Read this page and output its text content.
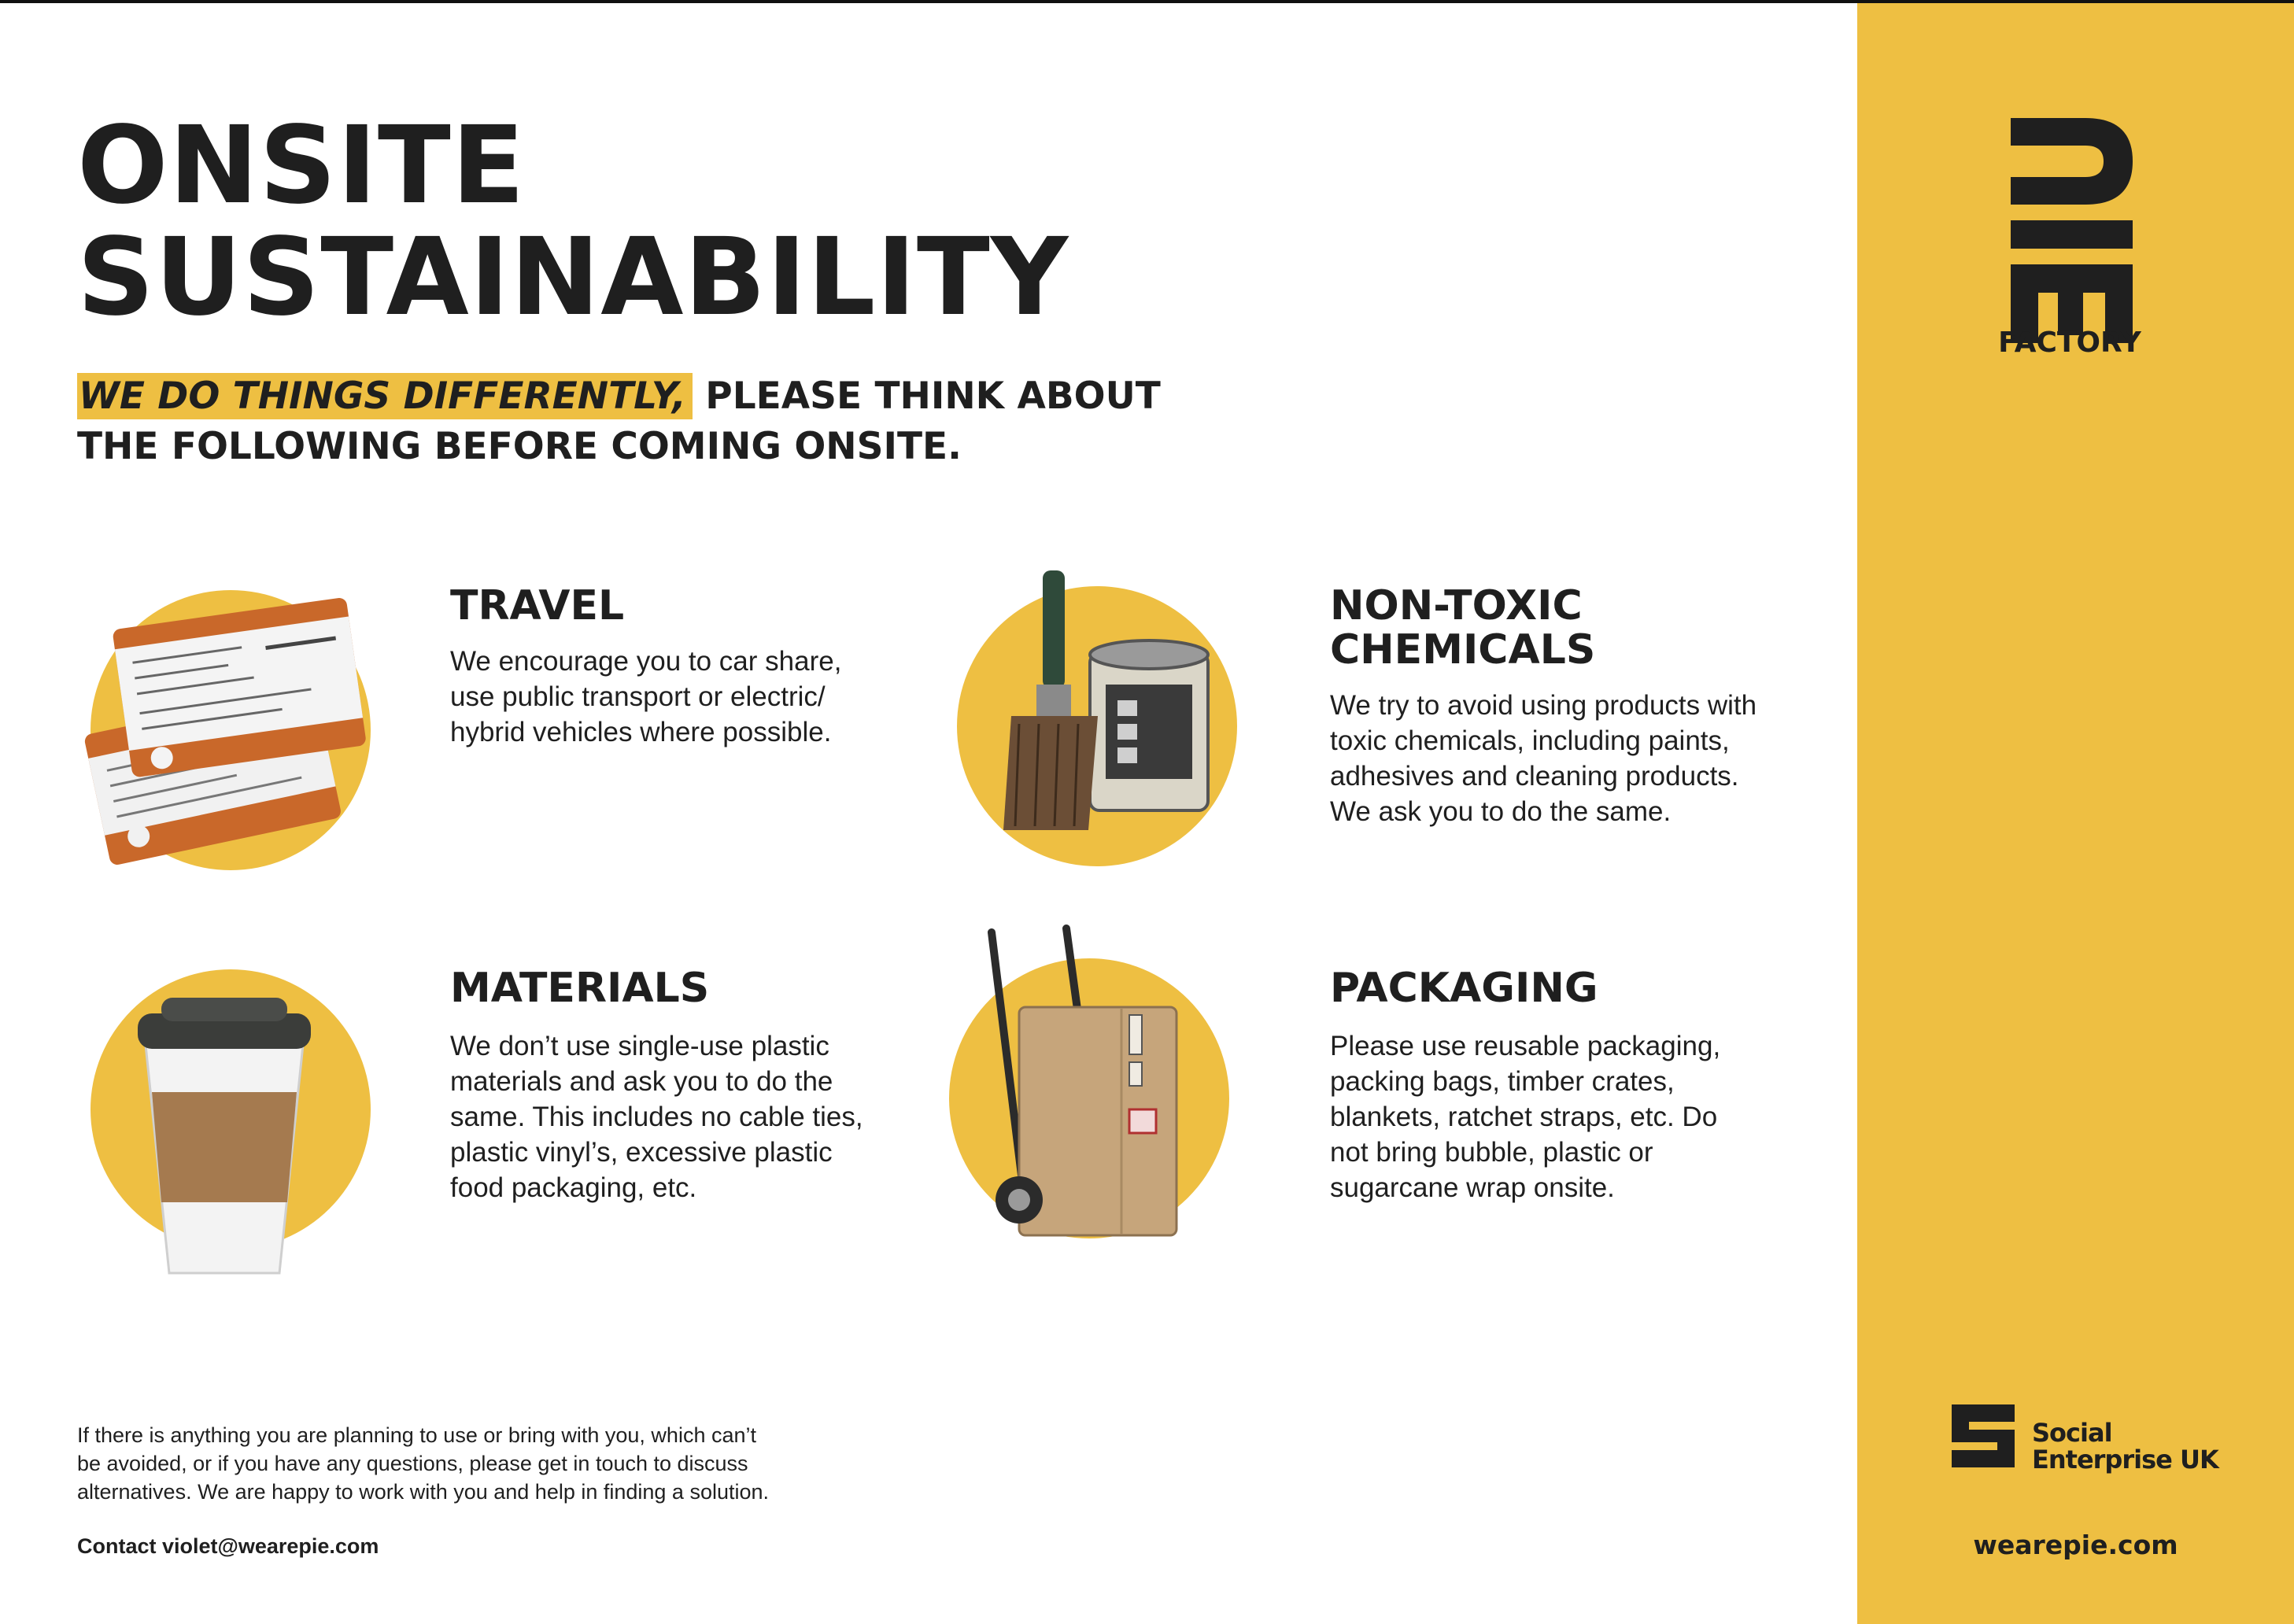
ONSITE
SUSTAINABILITY
WE DO THINGS DIFFERENTLY, PLEASE THINK ABOUT THE FOLLOWING BEFORE COMING ONSITE.
TRAVEL

We encourage you to car share,
use public transport or electric/
hybrid vehicles where possible.

NON-TOXIC
CHEMICALS

We try to avoid using products with
toxic chemicals, including paints,
adhesives and cleaning products.
We ask you to do the same.

MATERIALS

We don’t use single-use plastic
materials and ask you to do the
same. This includes no cable ties,
plastic vinyl’s, excessive plastic
food packaging, etc.

PACKAGING

Please use reusable packaging,
packing bags, timber crates,
blankets, ratchet straps, etc. Do
not bring bubble, plastic or
sugarcane wrap onsite.

If there is anything you are planning to use or bring with you, which can’t
be avoided, or if you have any questions, please get in touch to discuss
alternatives. We are happy to work with you and help in finding a solution.
Contact violet@wearepie.com
FACTORY
Social
Enterprise UK
wearepie.com
